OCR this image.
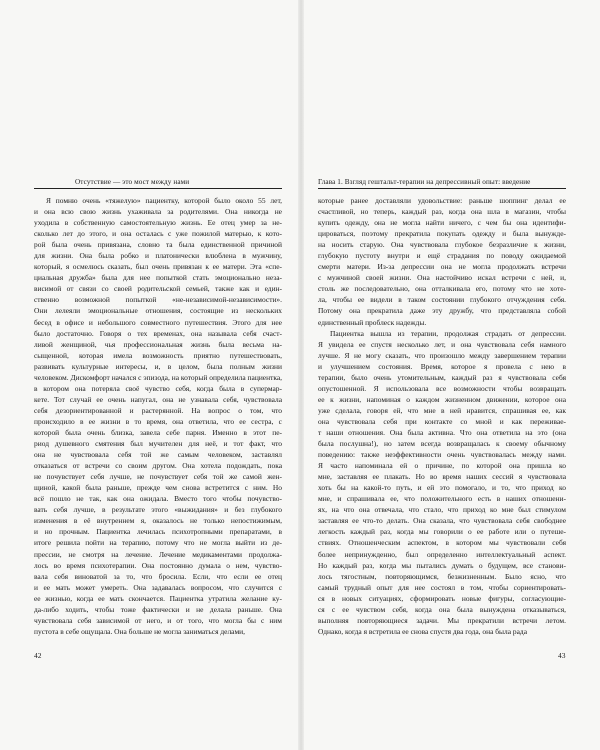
Отсутствие — это мост между нами
Я помню очень «тяжелую» пациентку, которой было около 55 лет,
и она всю свою жизнь ухаживала за родителями. Она никогда не
уходила в собственную самостоятельную жизнь. Ее отец умер за не-
сколько лет до этого, и она осталась с уже пожилой матерью, к кото-
рой была очень привязана, словно та была единственной причиной
для жизни. Она была робко и платонически влюблена в мужчину,
который, я осмелюсь сказать, был очень привязан к ее матери. Эта «спе-
циальная дружба» была для нее попыткой стать эмоционально неза-
висимой от связи со своей родительской семьей, также как и един-
ственно возможной попыткой «не-независимой-независимости».
Они лелеяли эмоциональные отношения, состоящие из нескольких
бесед в офисе и небольшого совместного путешествия. Этого для нее
было достаточно. Говоря о тех временах, она называла себя счаст-
ливой женщиной, чья профессиональная жизнь была весьма на-
сыщенной, которая имела возможность приятно путешествовать,
развивать культурные интересы, и, в целом, была полным жизни
человеком. Дискомфорт начался с эпизода, на который определила пациентка,
в котором она потеряла своё чувство себя, когда была в супермар-
кете. Тот случай ее очень напугал, она не узнавала себя, чувствовала
себя дезориентированной и растерянной. На вопрос о том, что
происходило в ее жизни в то время, она ответила, что ее сестра, с
которой была очень близка, завела себе парня. Именно в этот пе-
риод душевного смятения был мучителен для неё, и тот факт, что
она не чувствовала себя той же самым человеком, заставлял
отказаться от встречи со своим другом. Она хотела подождать, пока
не почувствует себя лучше, не почувствует себя той же самой жен-
щиной, какой была раньше, прежде чем снова встретится с ним. Но
всё пошло не так, как она ожидала. Вместо того чтобы почувство-
вать себя лучше, в результате этого «выжидания» и без глубокого
изменения в её внутреннем я, оказалось не только непостижимым,
и но прочным. Пациентка лечилась психотропными препаратами, в
итоге решила пойти на терапию, потому что не могла выйти из де-
прессии, не смотря на лечение. Лечение медикаментами продолжа-
лось во время психотерапии. Она постоянно думала о нем, чувство-
вала себя виноватой за то, что бросила. Если, что если ее отец
и ее мать может умереть. Она задавалась вопросом, что случится с
ее жизнью, когда ее мать скончается. Пациентка утратила желание ку-
да-либо ходить, чтобы тоже фактически и не делала раньше. Она
чувствовала себя зависимой от него, и от того, что могла бы с ним
пустота в себе ощущала. Она больше не могла заниматься делами,
42
Глава 1. Взгляд гештальт-терапии на депрессивный опыт: введение
которые ранее доставляли удовольствие: раньше шоппинг делал ее
счастливой, но теперь, каждый раз, когда она шла в магазин, чтобы
купить одежду, она не могла найти ничего, с чем бы она идентифи-
цироваться, поэтому прекратила покупать одежду и была вынужде-
на носить старую. Она чувствовала глубокое безразличие к жизни,
глубокую пустоту внутри и ещё страдания по поводу ожидаемой
смерти матери. Из-за депрессии она не могла продолжать встречи
с мужчиной своей жизни. Она настойчиво искал встречи с ней, и,
столь же последовательно, она отталкивала его, потому что не хоте-
ла, чтобы ее видели в таком состоянии глубокого отчуждения себя.
Потому она прекратила даже эту дружбу, что представляла собой
единственный проблеск надежды.
Пациентка вышла из терапии, продолжая страдать от депрессии.
Я увидела ее спустя несколько лет, и она чувствовала себя намного
лучше. Я не могу сказать, что произошло между завершением терапии
и улучшением состояния. Время, которое я провела с нею в
терапии, было очень утомительным, каждый раз я чувствовала себя
опустошенной. Я использовала все возможности чтобы возвращать
ее к жизни, напоминая о каждом жизненном движении, которое она
уже сделала, говоря ей, что мне в ней нравится, спрашивая ее, как
она чувствовала себя при контакте со мной и как переживае-
т наши отношения. Она была активна. Что она ответила на это (она
была послушна!), но затем всегда возвращалась к своему обычному
поведению: также неэффективности очень чувствовалась между нами.
Я часто напоминала ей о причине, по которой она пришла ко
мне, заставляя ее плакать. Но во время наших сессий я чувствовала
хоть бы на какой-то путь, и ей это помогало, и то, что приход ко
мне, и спрашивала ее, что положительного есть в наших отношени-
ях, на что она отвечала, что стало, что приход ко мне был стимулом
заставляя ее что-то делать. Она сказала, что чувствовала себя свободнее
легкость каждый раз, когда мы говорили о ее работе или о путеше-
ствиях. Отношенческим аспектом, в котором мы чувствовали себя
более непринужденно, был определенно интеллектуальный аспект.
Но каждый раз, когда мы пытались думать о будущем, все станови-
лось тягостным, повторяющимся, безжизненным. Было ясно, что
самый трудный опыт для нее состоял в том, чтобы сориентировать-
ся в новых ситуациях, сформировать новые фигуры, согласующие-
ся с ее чувством себя, когда она была вынуждена отказываться,
выполняя повторяющиеся задачи. Мы прекратили встречи летом.
Однако, когда я встретила ее снова спустя два года, она была рада
43
